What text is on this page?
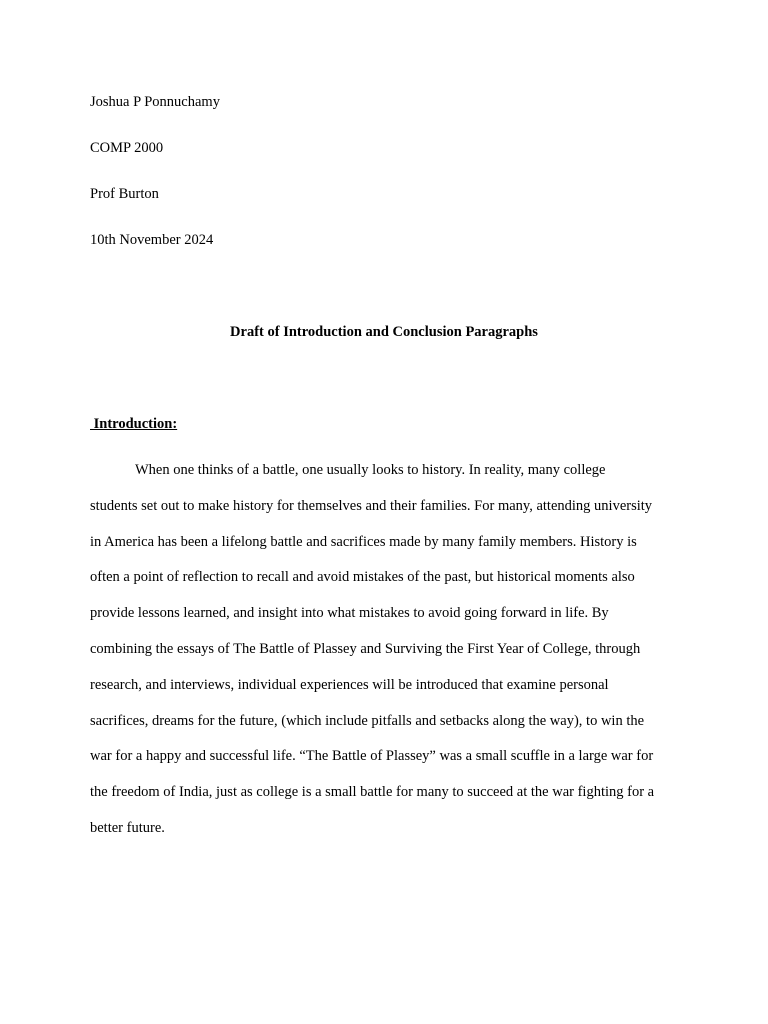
Joshua P Ponnuchamy
COMP 2000
Prof Burton
10th November 2024
Draft of Introduction and Conclusion Paragraphs
Introduction:
When one thinks of a battle, one usually looks to history. In reality, many college
students set out to make history for themselves and their families. For many, attending university
in America has been a lifelong battle and sacrifices made by many family members. History is
often a point of reflection to recall and avoid mistakes of the past, but historical moments also
provide lessons learned, and insight into what mistakes to avoid going forward in life. By
combining the essays of The Battle of Plassey and Surviving the First Year of College, through
research, and interviews, individual experiences will be introduced that examine personal
sacrifices, dreams for the future, (which include pitfalls and setbacks along the way), to win the
war for a happy and successful life. “The Battle of Plassey” was a small scuffle in a large war for
the freedom of India, just as college is a small battle for many to succeed at the war fighting for a
better future.
